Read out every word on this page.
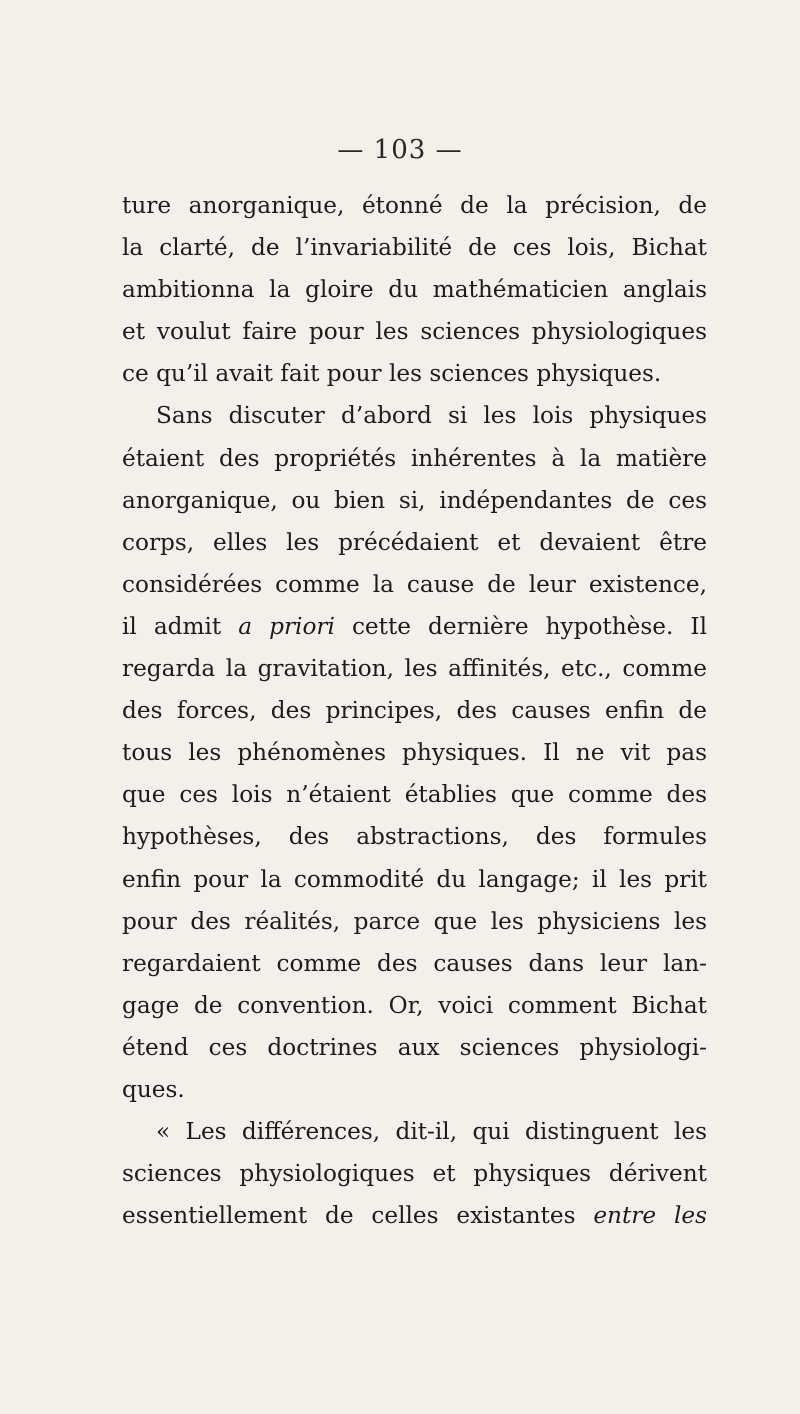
— 103 —
ture anorganique, étonné de la précision, de
la clarté, de l’invariabilité de ces lois, Bichat
ambitionna la gloire du mathématicien anglais
et voulut faire pour les sciences physiologiques
ce qu’il avait fait pour les sciences physiques.
Sans discuter d’abord si les lois physiques
étaient des propriétés inhérentes à la matière
anorganique, ou bien si, indépendantes de ces
corps, elles les précédaient et devaient être
considérées comme la cause de leur existence,
il admit a priori cette dernière hypothèse. Il
regarda la gravitation, les affinités, etc., comme
des forces, des principes, des causes enfin de
tous les phénomènes physiques. Il ne vit pas
que ces lois n’étaient établies que comme des
hypothèses, des abstractions, des formules
enfin pour la commodité du langage; il les prit
pour des réalités, parce que les physiciens les
regardaient comme des causes dans leur lan-
gage de convention. Or, voici comment Bichat
étend ces doctrines aux sciences physiologi-
ques.
« Les différences, dit-il, qui distinguent les
sciences physiologiques et physiques dérivent
essentiellement de celles existantes entre les
